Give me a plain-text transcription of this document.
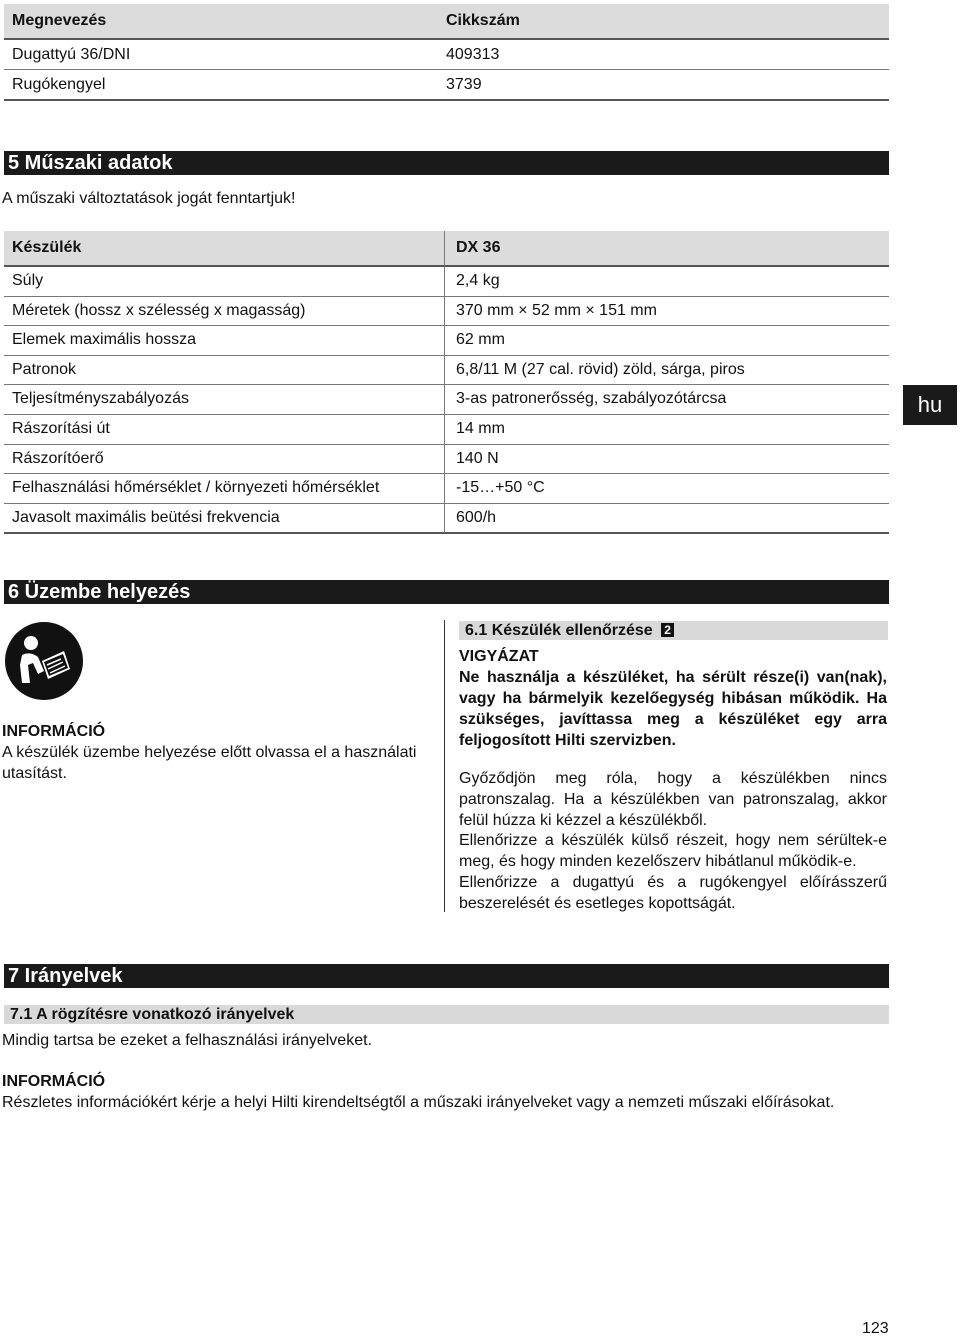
Megnevezés	Cikkszám
Dugattyú 36/DNI	409313
Rugókengyel	3739
5 Műszaki adatok
A műszaki változtatások jogát fenntartjuk!
Készülék	DX 36
Súly	2,4 kg
Méretek (hossz x szélesség x magasság)	370 mm × 52 mm × 151 mm
Elemek maximális hossza	62 mm
Patronok	6,8/11 M (27 cal. rövid) zöld, sárga, piros
Teljesítményszabályozás	3-as patronerősség, szabályozótárcsa
Rászorítási út	14 mm
Rászorítóerő	140 N
Felhasználási hőmérséklet / környezeti hőmérséklet	-15…+50 °C
Javasolt maximális beütési frekvencia	600/h
hu
6 Üzembe helyezés
INFORMÁCIÓ
A készülék üzembe helyezése előtt olvassa el a használati utasítást.
6.1 Készülék ellenőrzése 2
VIGYÁZAT
Ne használja a készüléket, ha sérült része(i) van(nak), vagy ha bármelyik kezelőegység hibásan működik. Ha szükséges, javíttassa meg a készüléket egy arra feljogosított Hilti szervizben.
Győződjön meg róla, hogy a készülékben nincs patronszalag. Ha a készülékben van patronszalag, akkor felül húzza ki kézzel a készülékből.
Ellenőrizze a készülék külső részeit, hogy nem sérültek-e meg, és hogy minden kezelőszerv hibátlanul működik-e.
Ellenőrizze a dugattyú és a rugókengyel előírásszerű beszerelését és esetleges kopottságát.
7 Irányelvek
7.1 A rögzítésre vonatkozó irányelvek
Mindig tartsa be ezeket a felhasználási irányelveket.
INFORMÁCIÓ
Részletes információkért kérje a helyi Hilti kirendeltségtől a műszaki irányelveket vagy a nemzeti műszaki előírásokat.
123
